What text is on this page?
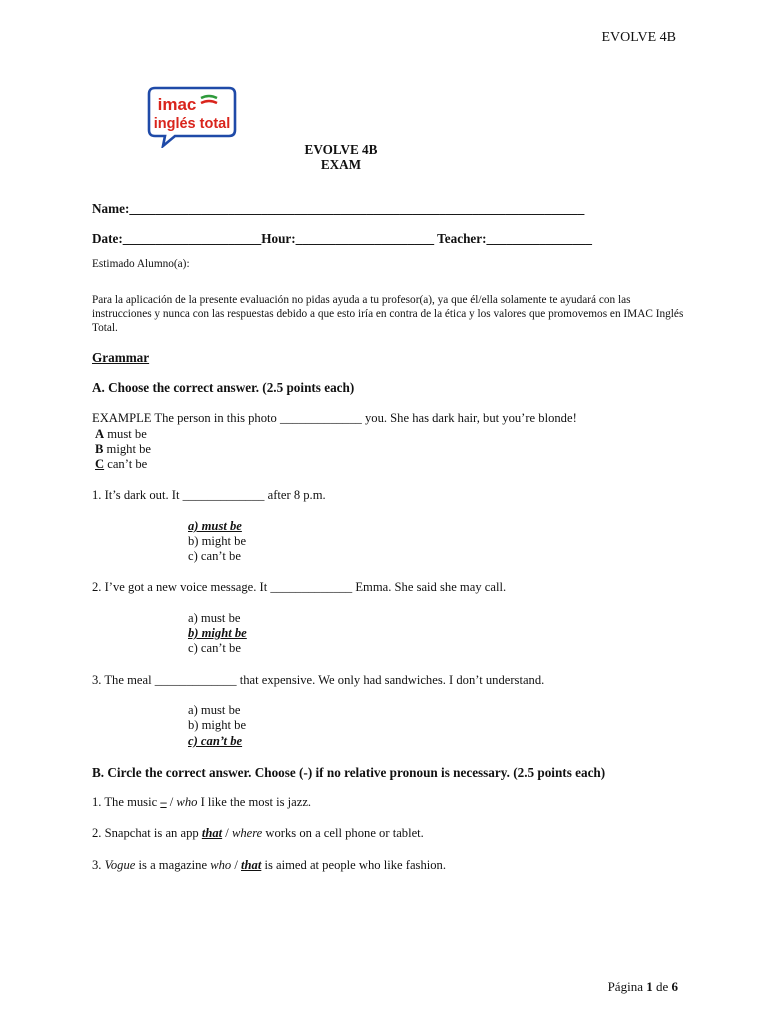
EVOLVE 4B
imac
inglés total
EVOLVE 4B
EXAM
Name:_____________________________________________________________________
Date:_____________________Hour:_____________________ Teacher:________________
Estimado Alumno(a):
Para la aplicación de la presente evaluación no pidas ayuda a tu profesor(a), ya que él/ella solamente te ayudará con las instrucciones y nunca con las respuestas debido a que esto iría en contra de la ética y los valores que promovemos en IMAC Inglés Total.
Grammar
A. Choose the correct answer. (2.5 points each)
EXAMPLE The person in this photo _____________ you. She has dark hair, but you’re blonde!
A must be
B might be
C can’t be
1. It’s dark out. It _____________ after 8 p.m.
a) must be
b) might be
c) can’t be
2. I’ve got a new voice message. It _____________ Emma. She said she may call.
a) must be
b) might be
c) can’t be
3. The meal _____________ that expensive. We only had sandwiches. I don’t understand.
a) must be
b) might be
c) can’t be
B. Circle the correct answer. Choose (-) if no relative pronoun is necessary. (2.5 points each)
1. The music – / who I like the most is jazz.
2. Snapchat is an app that / where works on a cell phone or tablet.
3. Vogue is a magazine who / that is aimed at people who like fashion.
Página 1 de 6
